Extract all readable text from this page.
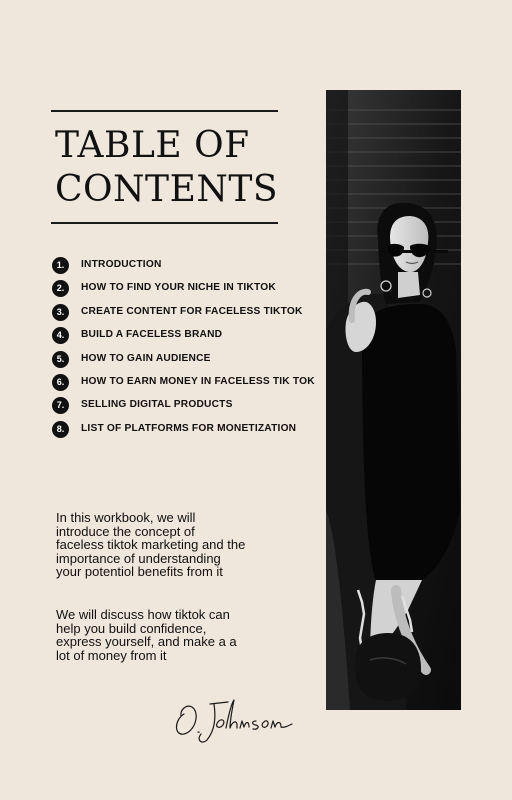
TABLE OF
CONTENTS
1.	INTRODUCTION
2.	HOW TO FIND YOUR NICHE IN TIKTOK
3.	CREATE CONTENT FOR FACELESS TIKTOK
4.	BUILD A FACELESS BRAND
5.	HOW TO GAIN AUDIENCE
6.	HOW TO EARN MONEY IN FACELESS TIK TOK
7.	SELLING DIGITAL PRODUCTS
8.	LIST OF PLATFORMS FOR MONETIZATION

In this workbook, we will introduce the concept of faceless tiktok marketing and the importance of understanding your potentiol benefits from it

We will discuss how tiktok can help you build confidence, express yourself, and make a a lot of money from it
